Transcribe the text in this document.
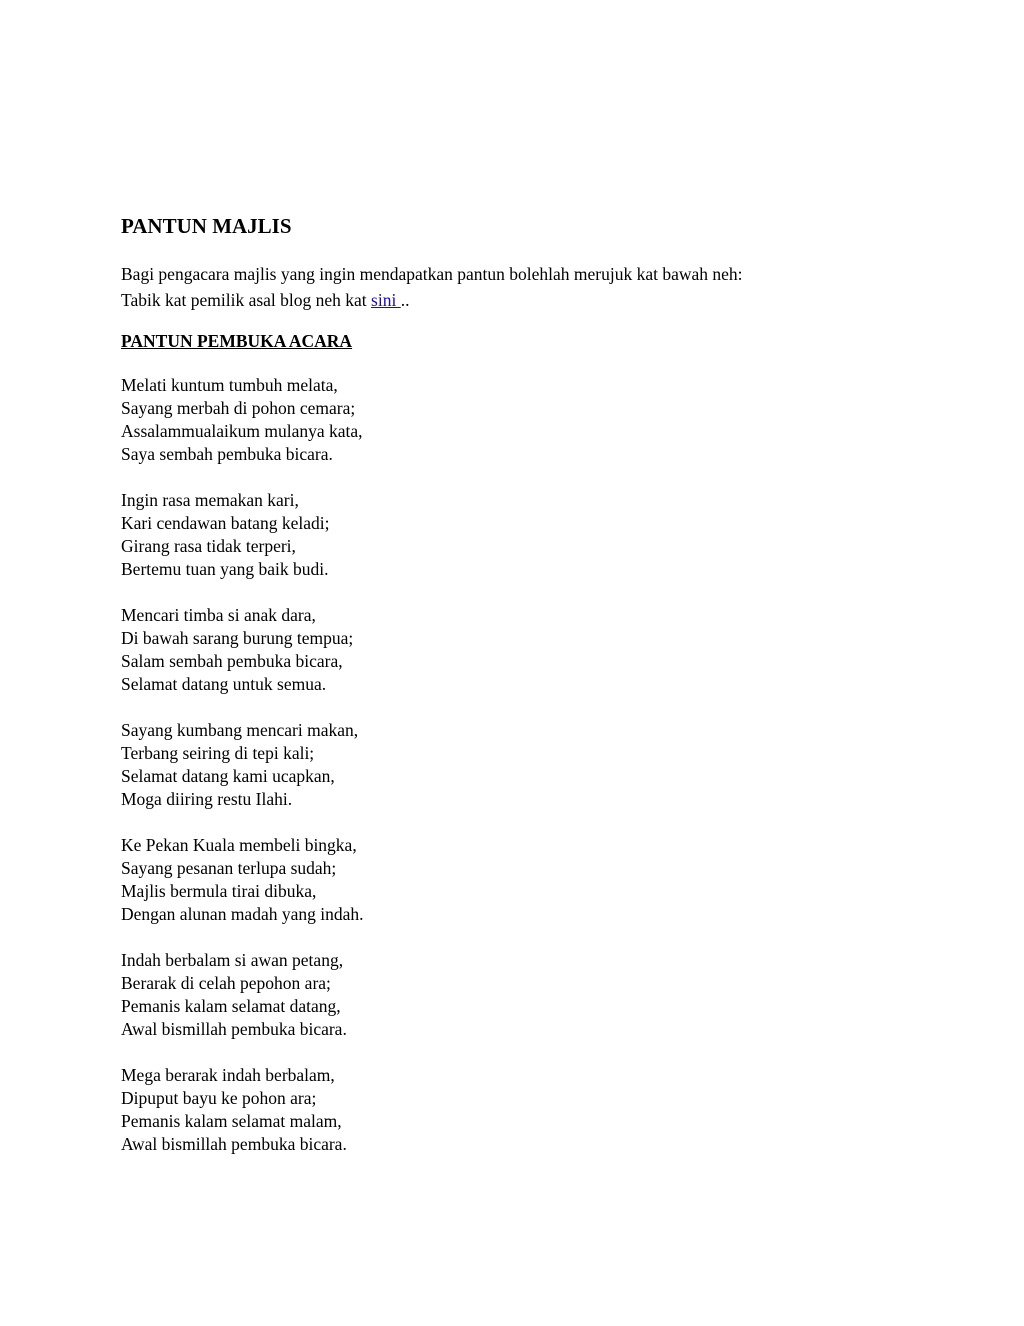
PANTUN MAJLIS
Bagi pengacara majlis yang ingin mendapatkan pantun bolehlah merujuk kat bawah neh:
Tabik kat pemilik asal blog neh kat sini ..
PANTUN PEMBUKA ACARA
Melati kuntum tumbuh melata,
Sayang merbah di pohon cemara;
Assalammualaikum mulanya kata,
Saya sembah pembuka bicara.
Ingin rasa memakan kari,
Kari cendawan batang keladi;
Girang rasa tidak terperi,
Bertemu tuan yang baik budi.
Mencari timba si anak dara,
Di bawah sarang burung tempua;
Salam sembah pembuka bicara,
Selamat datang untuk semua.
Sayang kumbang mencari makan,
Terbang seiring di tepi kali;
Selamat datang kami ucapkan,
Moga diiring restu Ilahi.
Ke Pekan Kuala membeli bingka,
Sayang pesanan terlupa sudah;
Majlis bermula tirai dibuka,
Dengan alunan madah yang indah.
Indah berbalam si awan petang,
Berarak di celah pepohon ara;
Pemanis kalam selamat datang,
Awal bismillah pembuka bicara.
Mega berarak indah berbalam,
Dipuput bayu ke pohon ara;
Pemanis kalam selamat malam,
Awal bismillah pembuka bicara.
